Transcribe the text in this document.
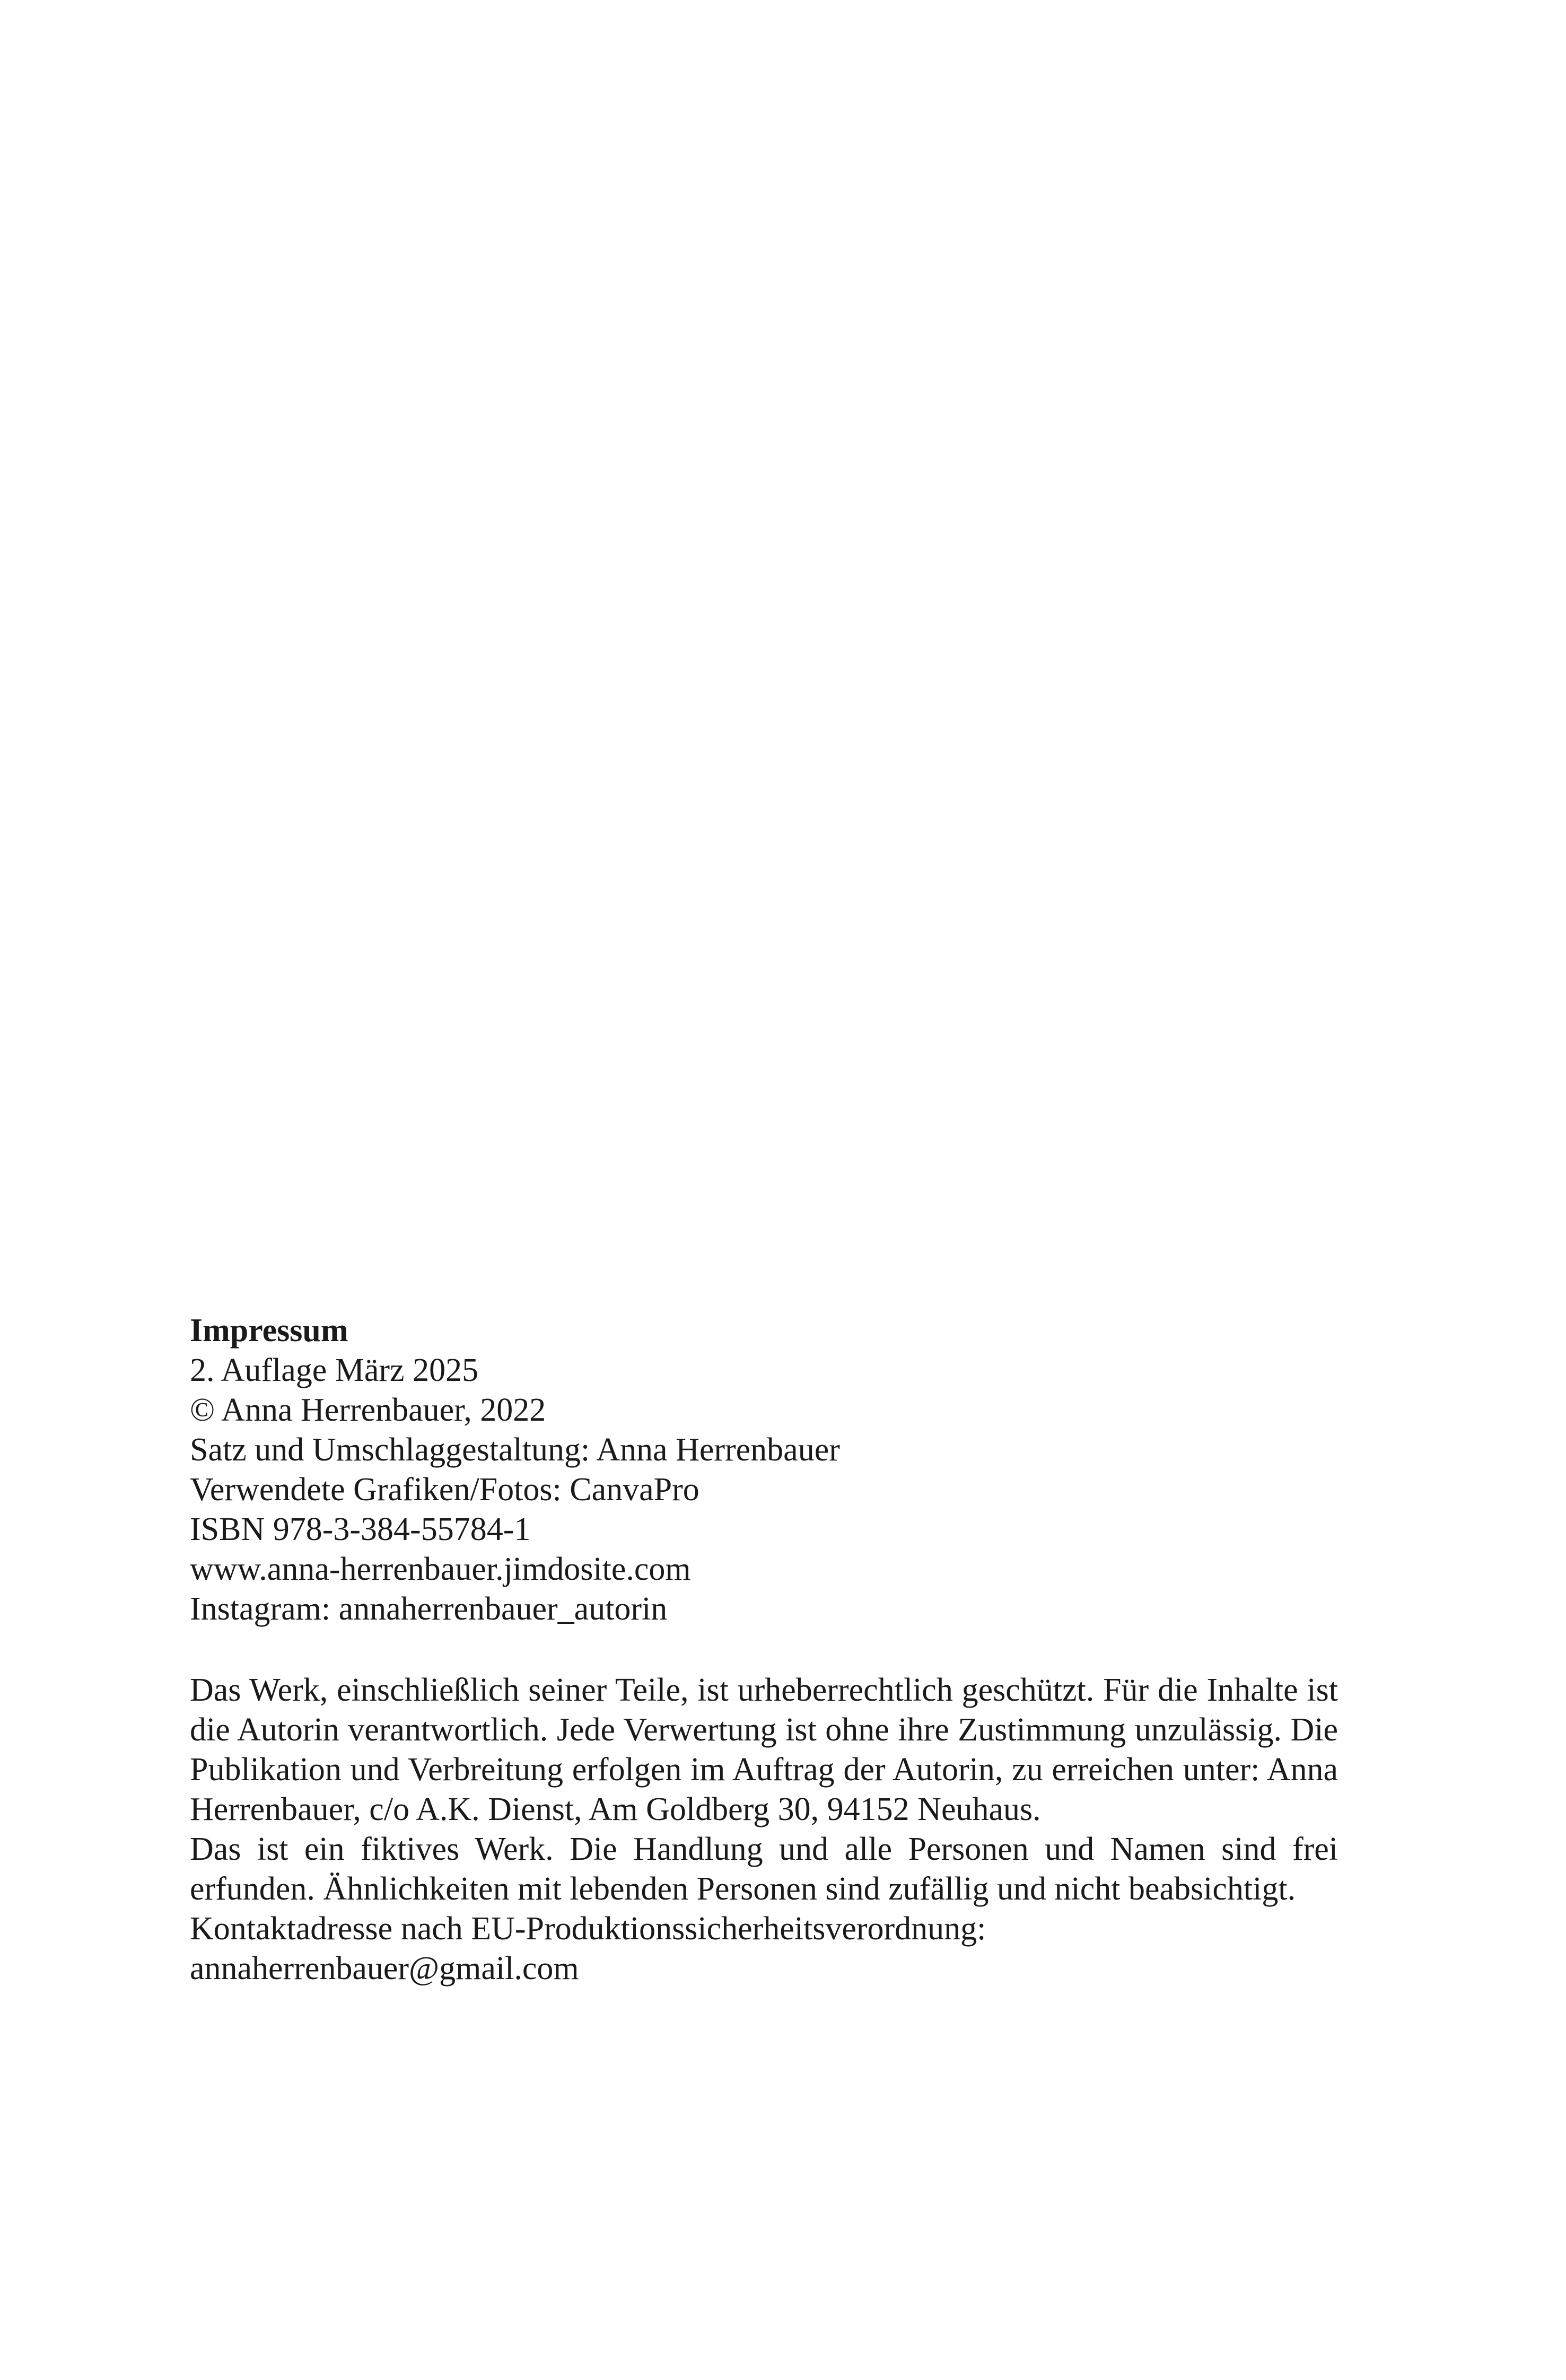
Impressum
2. Auflage März 2025
© Anna Herrenbauer, 2022
Satz und Umschlaggestaltung: Anna Herrenbauer
Verwendete Grafiken/Fotos: CanvaPro
ISBN 978-3-384-55784-1
www.anna-herrenbauer.jimdosite.com
Instagram: annaherrenbauer_autorin

Das Werk, einschließlich seiner Teile, ist urheberrechtlich geschützt. Für die Inhalte ist die Autorin verantwortlich. Jede Verwertung ist ohne ihre Zustimmung unzulässig. Die Publikation und Verbreitung erfolgen im Auftrag der Autorin, zu erreichen unter: Anna Herrenbauer, c/o A.K. Dienst, Am Goldberg 30, 94152 Neuhaus.

Das ist ein fiktives Werk. Die Handlung und alle Personen und Namen sind frei erfunden. Ähnlichkeiten mit lebenden Personen sind zufällig und nicht beabsichtigt.

Kontaktadresse nach EU-Produktionssicherheitsverordnung:
annaherrenbauer@gmail.com
